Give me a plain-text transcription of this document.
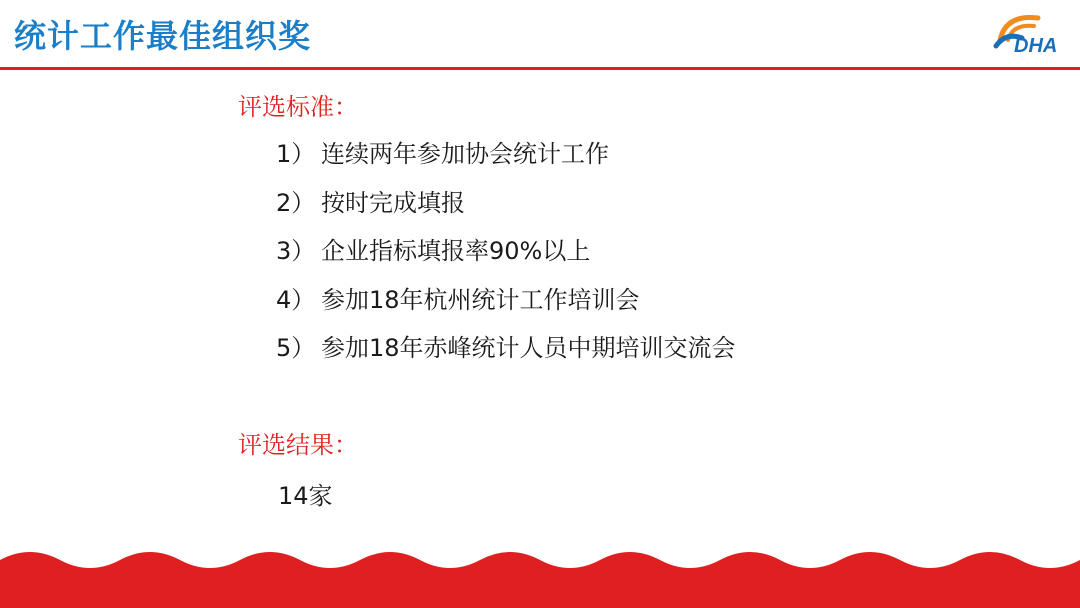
统计工作最佳组织奖	DHA
评选标准：
1） 连续两年参加协会统计工作
2） 按时完成填报
3） 企业指标填报率90%以上
4） 参加18年杭州统计工作培训会
5） 参加18年赤峰统计人员中期培训交流会
评选结果：
14家
